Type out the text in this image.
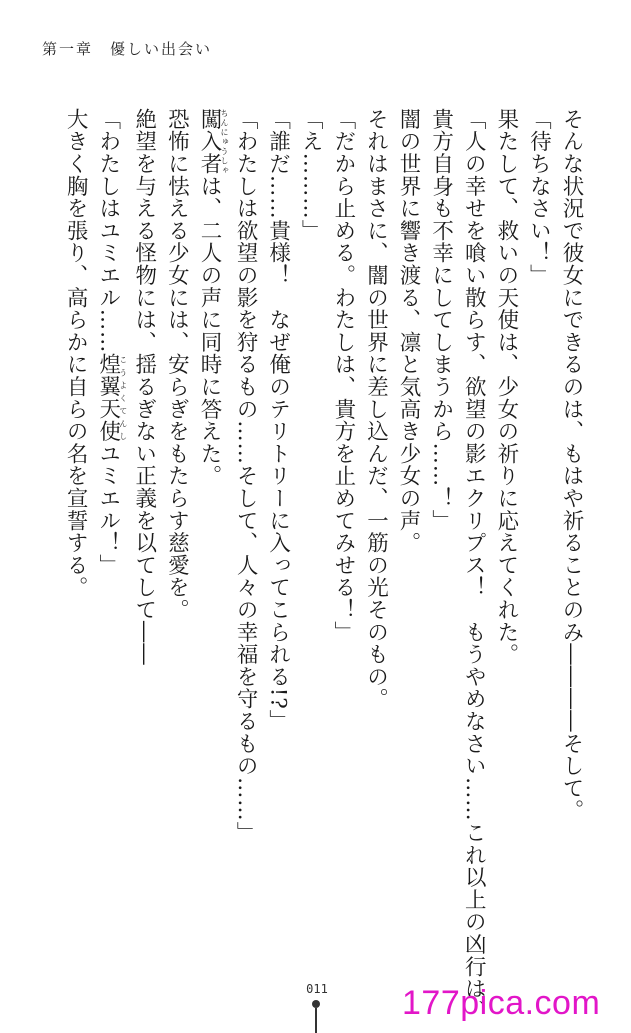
第一章　優しい出会い
そんな状況で彼女にできるのは、もはや祈ることのみ――――そして。
「待ちなさい！」
果たして、救いの天使は、少女の祈りに応えてくれた。
「人の幸せを喰い散らす、欲望の影エクリプス！　もうやめなさい……これ以上の凶行は、
貴方自身も不幸にしてしまうから……！」
闇の世界に響き渡る、凛と気高き少女の声。
それはまさに、闇の世界に差し込んだ、一筋の光そのもの。
「だから止める。わたしは、貴方を止めてみせる！」
「え………」
「誰だ……貴様！　なぜ俺のテリトリーに入ってこられる!?」
「わたしは欲望の影を狩るもの……そして、人々の幸福を守るもの……」
闖入者ちんにゅうしゃは、二人の声に同時に答えた。
恐怖に怯える少女には、安らぎをもたらす慈愛を。
絶望を与える怪物には、揺るぎない正義を以てして――
「わたしはユミエル……煌翼天使こうよくてんしユミエル！」
大きく胸を張り、高らかに自らの名を宣誓する。
011 177pica.com
